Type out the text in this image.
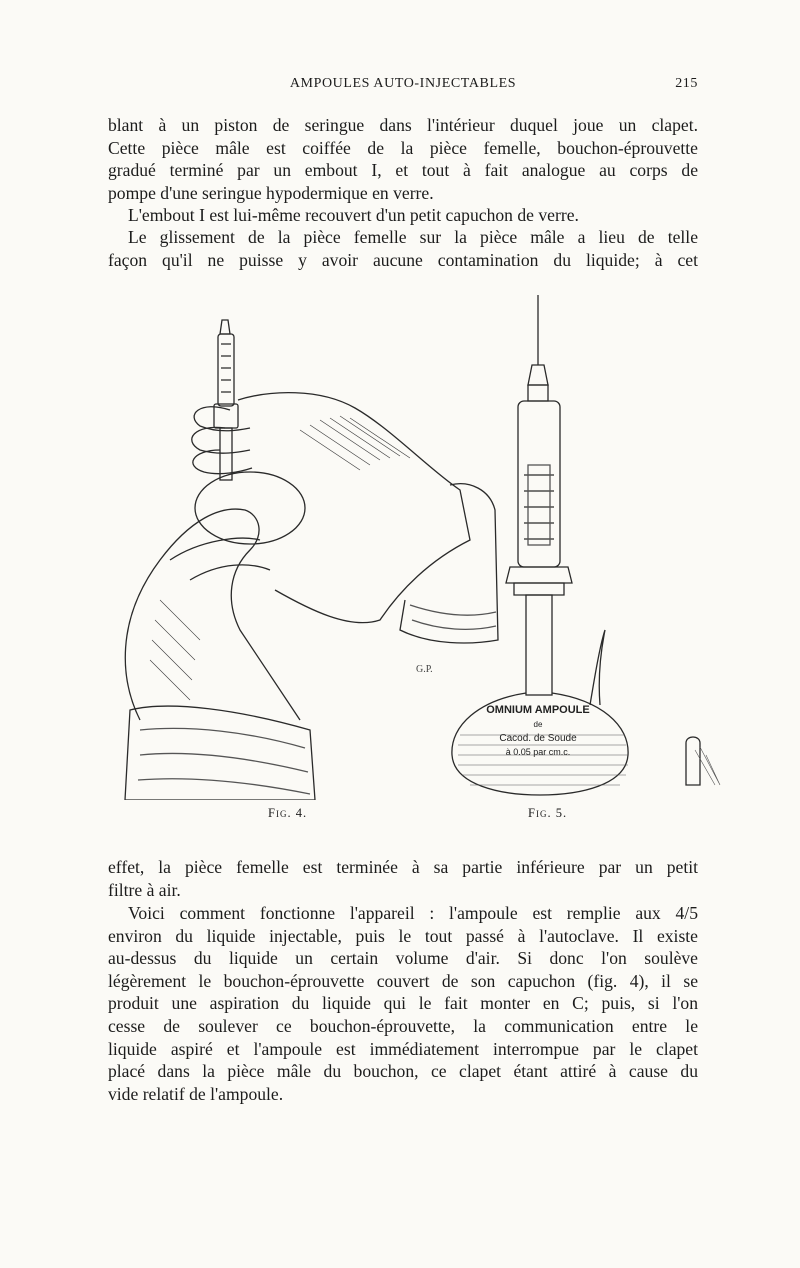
AMPOULES AUTO-INJECTABLES	215

blant à un piston de seringue dans l'intérieur duquel joue un clapet.
Cette pièce mâle est coiffée de la pièce femelle, bouchon-éprouvette
gradué terminé par un embout I, et tout à fait analogue au corps de
pompe d'une seringue hypodermique en verre.

L'embout I est lui-même recouvert d'un petit capuchon de verre.

Le glissement de la pièce femelle sur la pièce mâle a lieu de telle
façon qu'il ne puisse y avoir aucune contamination du liquide; à cet

G.P.
OMNIUM AMPOULE
de
Cacod. de Soude
à 0.05 par cm.c.
Fig. 4.	Fig. 5.

effet, la pièce femelle est terminée à sa partie inférieure par un petit
filtre à air.

Voici comment fonctionne l'appareil : l'ampoule est remplie aux 4/5
environ du liquide injectable, puis le tout passé à l'autoclave. Il existe
au-dessus du liquide un certain volume d'air. Si donc l'on soulève
légèrement le bouchon-éprouvette couvert de son capuchon (fig. 4), il se
produit une aspiration du liquide qui le fait monter en C; puis, si l'on
cesse de soulever ce bouchon-éprouvette, la communication entre le
liquide aspiré et l'ampoule est immédiatement interrompue par le clapet
placé dans la pièce mâle du bouchon, ce clapet étant attiré à cause du
vide relatif de l'ampoule.
